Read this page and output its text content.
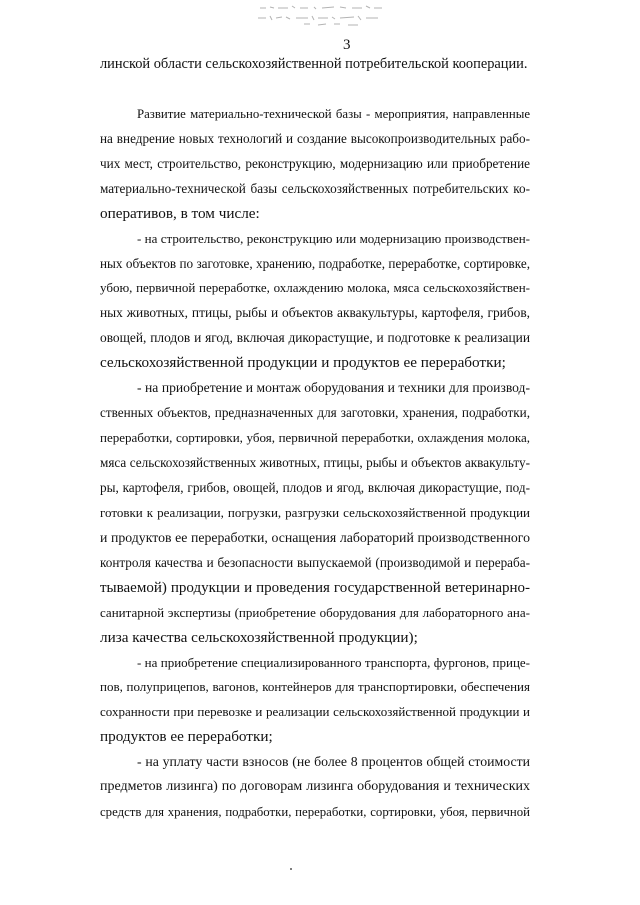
3
линской области сельскохозяйственной потребительской кооперации.
Развитие материально-технической базы - мероприятия, направленные
на внедрение новых технологий и создание высокопроизводительных рабо-
чих мест, строительство, реконструкцию, модернизацию или приобретение
материально-технической базы сельскохозяйственных потребительских ко-
оперативов, в том числе:
- на строительство, реконструкцию или модернизацию производствен-
ных объектов по заготовке, хранению, подработке, переработке, сортировке,
убою, первичной переработке, охлаждению молока, мяса сельскохозяйствен-
ных животных, птицы, рыбы и объектов аквакультуры, картофеля, грибов,
овощей, плодов и ягод, включая дикорастущие, и подготовке к реализации
сельскохозяйственной продукции и продуктов ее переработки;
- на приобретение и монтаж оборудования и техники для производ-
ственных объектов, предназначенных для заготовки, хранения, подработки,
переработки, сортировки, убоя, первичной переработки, охлаждения молока,
мяса сельскохозяйственных животных, птицы, рыбы и объектов аквакульту-
ры, картофеля, грибов, овощей, плодов и ягод, включая дикорастущие, под-
готовки к реализации, погрузки, разгрузки сельскохозяйственной продукции
и продуктов ее переработки, оснащения лабораторий производственного
контроля качества и безопасности выпускаемой (производимой и перераба-
тываемой) продукции и проведения государственной ветеринарно-
санитарной экспертизы (приобретение оборудования для лабораторного ана-
лиза качества сельскохозяйственной продукции);
- на приобретение специализированного транспорта, фургонов, прице-
пов, полуприцепов, вагонов, контейнеров для транспортировки, обеспечения
сохранности при перевозке и реализации сельскохозяйственной продукции и
продуктов ее переработки;
- на уплату части взносов (не более 8 процентов общей стоимости
предметов лизинга) по договорам лизинга оборудования и технических
средств для хранения, подработки, переработки, сортировки, убоя, первичной
